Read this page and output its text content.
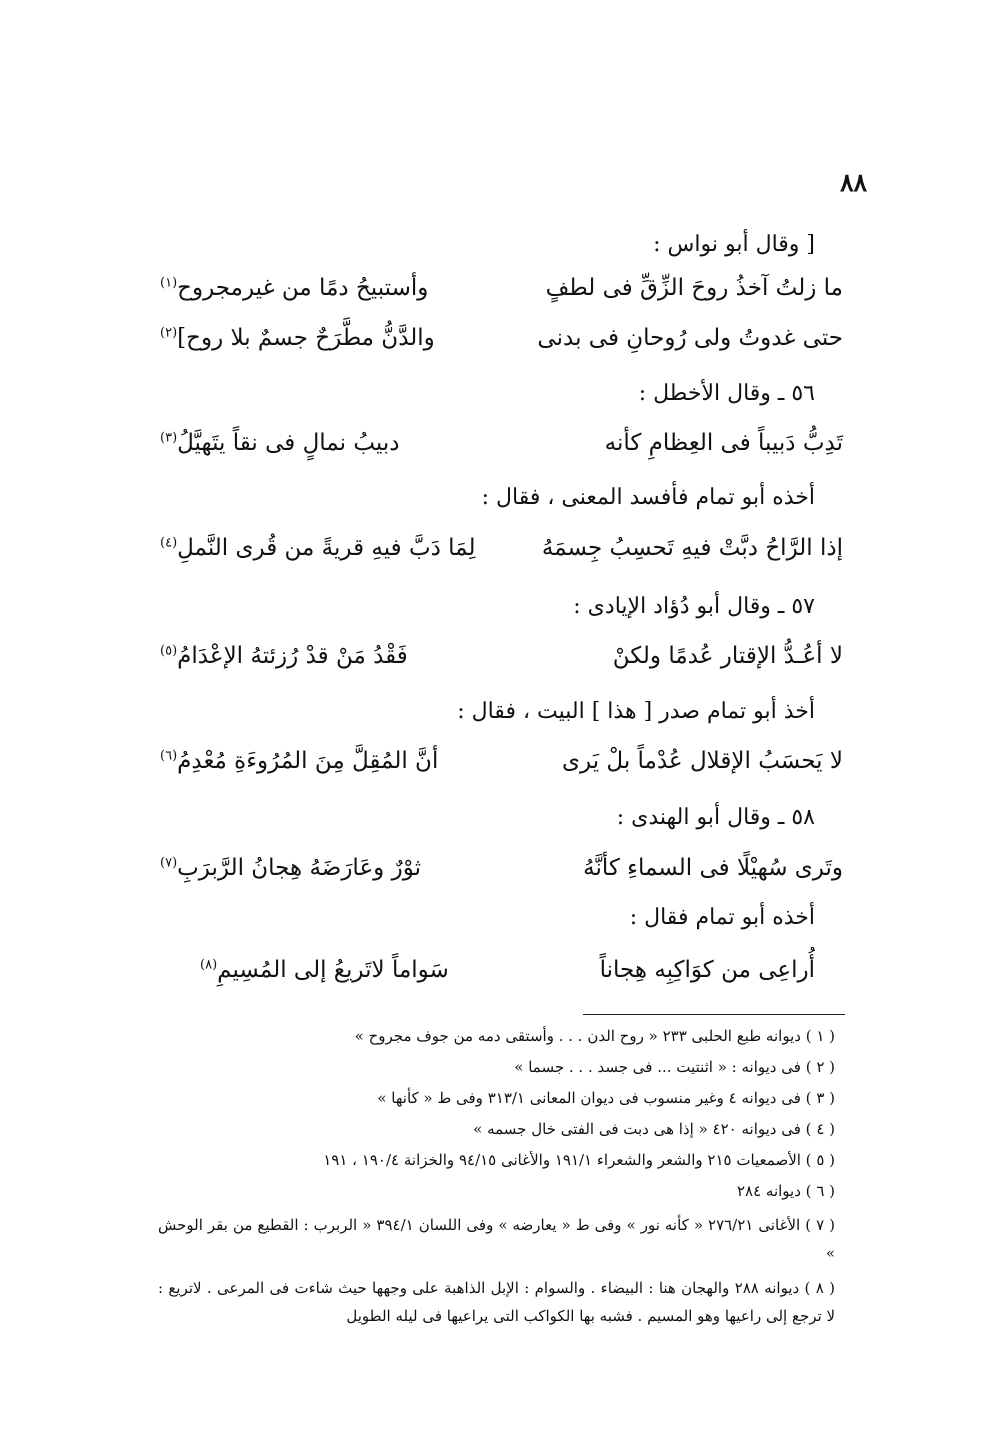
٨٨
[ وقال أبو نواس :
ما زلتُ آخذُ روحَ الزِّقِّ فى لطفٍ
وأستبيحُ دمًا من غيرمجروح$^{(١)}$
حتى غدوتُ ولى رُوحانِ فى بدنى
والدَّنُّ مطَّرَحٌ جسمٌ بلا روح]$^{(٢)}$
٥٦ ـ وقال الأخطل :
تَدِبُّ دَبيباً فى العِظامِ كأنه
دبيبُ نمالٍ فى نقاً يتَهيَّلُ$^{(٣)}$
أخذه أبو تمام فأفسد المعنى ، فقال :
إذا الرَّاحُ دبَّتْ فيهِ تَحسِبُ جِسمَهُ
لِمَا دَبَّ فيهِ قريةً من قُرى النَّملِ$^{(٤)}$
٥٧ ـ وقال أبو دُؤاد الإيادى :
لا أعُـدُّ الإقتار عُدمًا ولكنْ
فَقْدُ مَنْ قدْ رُزئتهُ الإعْدَامُ$^{(٥)}$
أخذ أبو تمام صدر [ هذا ] البيت ، فقال :
لا يَحسَبُ الإقلال عُدْماً بلْ يَرى
أنَّ المُقِلَّ مِنَ المُرُوءَةِ مُعْدِمُ$^{(٦)}$
٥٨ ـ وقال أبو الهندى :
وتَرى سُهيْلًا فى السماءِ كأنَّهُ
ثوْرٌ وعَارَضَهُ هِجانُ الرَّبرَبِ$^{(٧)}$
أخذه أبو تمام فقال :
أُراعِى من كوَاكِبِه هِجاناً
سَواماً لاتَريعُ إلى المُسِيمِ$^{(٨)}$
( ١ ) ديوانه طبع الحلبى ٢٣٣ « روح الدن . . . وأستقى دمه من جوف مجروح »
( ٢ ) فى ديوانه : « اثنتيت ... فى جسد . . . جسما »
( ٣ ) فى ديوانه ٤ وغير منسوب فى ديوان المعانى ٣١٣/١ وفى ط « كأنها »
( ٤ ) فى ديوانه ٤٢٠ « إذا هى دبت فى الفتى خال جسمه »
( ٥ ) الأصمعيات ٢١٥ والشعر والشعراء ١٩١/١ والأغانى ٩٤/١٥ والخزانة ١٩٠/٤ ، ١٩١
( ٦ ) ديوانه ٢٨٤
( ٧ ) الأغانى ٢٧٦/٢١ « كأنه نور » وفى ط « يعارضه » وفى اللسان ٣٩٤/١ « الربرب : القطيع من بقر الوحش »
( ٨ ) ديوانه ٢٨٨ والهجان هنا : البيضاء . والسوام : الإبل الذاهبة على وجهها حيث شاءت فى المرعى . لاتريع : لا ترجع إلى راعيها وهو المسيم . فشبه بها الكواكب التى يراعيها فى ليله الطويل
